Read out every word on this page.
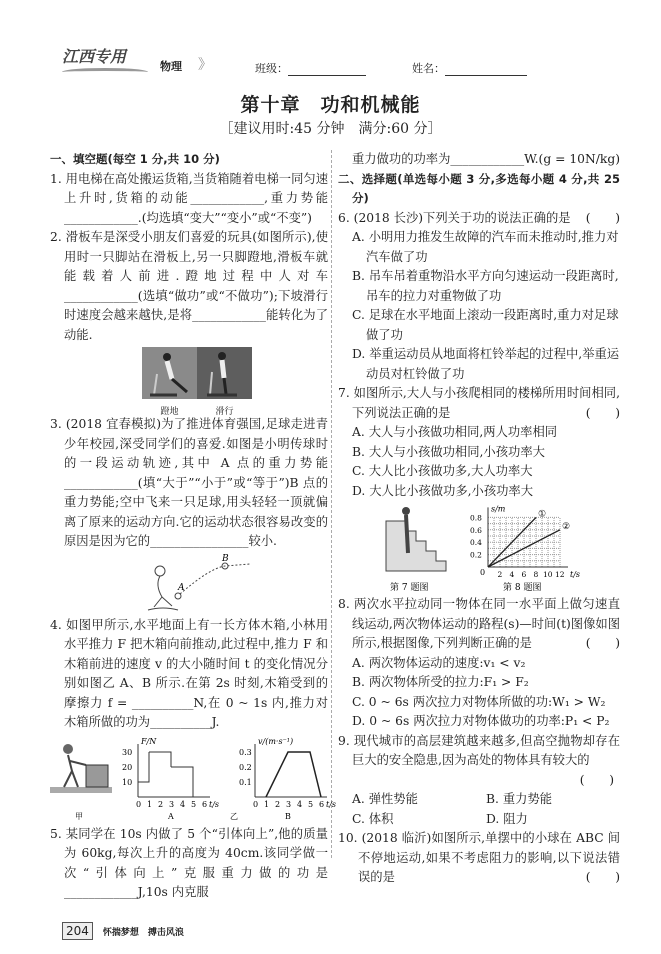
江西专用
物理 》	班级：	姓名：
第十章　功和机械能
［建议用时:45 分钟　满分:60 分］
一、填空题(每空 1 分,共 10 分)
1. 用电梯在高处搬运货箱,当货箱随着电梯一同匀速上升时,货箱的动能____________,重力势能____________.(均选填“变大”“变小”或“不变”)
2. 滑板车是深受小朋友们喜爱的玩具(如图所示),使用时一只脚站在滑板上,另一只脚蹬地,滑板车就能载着人前进.蹬地过程中人对车____________(选填“做功”或“不做功”);下坡滑行时速度会越来越快,是将____________能转化为了动能.
蹬地	滑行
3. (2018 宜春模拟)为了推进体育强国,足球走进青少年校园,深受同学们的喜爱.如图是小明传球时的一段运动轨迹,其中 A 点的重力势能____________(填“大于”“小于”或“等于”)B 点的重力势能;空中飞来一只足球,用头轻轻一顶就偏离了原来的运动方向.它的运动状态很容易改变的原因是因为它的________________较小.
A
B
4. 如图甲所示,水平地面上有一长方体木箱,小林用水平推力 F 把木箱向前推动,此过程中,推力 F 和木箱前进的速度 v 的大小随时间 t 的变化情况分别如图乙 A、B 所示.在第 2s 时刻,木箱受到的摩擦力 f = __________N,在 0 ~ 1s 内,推力对木箱所做的功为__________J.
F/N
0 1 2 3 4 5 6 t/s
10
20
30
A
v/(m·s⁻¹)
0 1 2 3 4 5 6 t/s
0.1
0.2
0.3
B
甲	乙
5. 某同学在 10s 内做了 5 个“引体向上”,他的质量为 60kg,每次上升的高度为 40cm.该同学做一次“引体向上”克服重力做的功是____________J,10s 内克服
重力做功的功率为____________W.(g = 10N/kg)
二、选择题(单选每小题 3 分,多选每小题 4 分,共 25 分)
(　　)
6. (2018 长沙)下列关于功的说法正确的是
A. 小明用力推发生故障的汽车而未推动时,推力对汽车做了功
B. 吊车吊着重物沿水平方向匀速运动一段距离时,吊车的拉力对重物做了功
C. 足球在水平地面上滚动一段距离时,重力对足球做了功
D. 举重运动员从地面将杠铃举起的过程中,举重运动员对杠铃做了功
7. 如图所示,大人与小孩爬相同的楼梯所用时间相同,下列说法正确的是	(　　)
A. 大人与小孩做功相同,两人功率相同
B. 大人与小孩做功相同,小孩功率大
C. 大人比小孩做功多,大人功率大
D. 大人比小孩做功多,小孩功率大
第 7 题图	第 8 题图
s/m
t/s
0 2 4 6 8 10 12
0.2
0.4
0.6
0.8	①
②
8. 两次水平拉动同一物体在同一水平面上做匀速直线运动,两次物体运动的路程(s)—时间(t)图像如图所示,根据图像,下列判断正确的是	(　　)
A. 两次物体运动的速度:v₁ < v₂
B. 两次物体所受的拉力:F₁ > F₂
C. 0 ~ 6s 两次拉力对物体所做的功:W₁ > W₂
D. 0 ~ 6s 两次拉力对物体做功的功率:P₁ < P₂
9. 现代城市的高层建筑越来越多,但高空抛物却存在巨大的安全隐患,因为高处的物体具有较大的
(　　)
A. 弹性势能	B. 重力势能
C. 体积	D. 阻力
10. (2018 临沂)如图所示,单摆中的小球在 ABC 间不停地运动,如果不考虑阻力的影响,以下说法错误的是	(　　)
204 怀揣梦想　搏击风浪
